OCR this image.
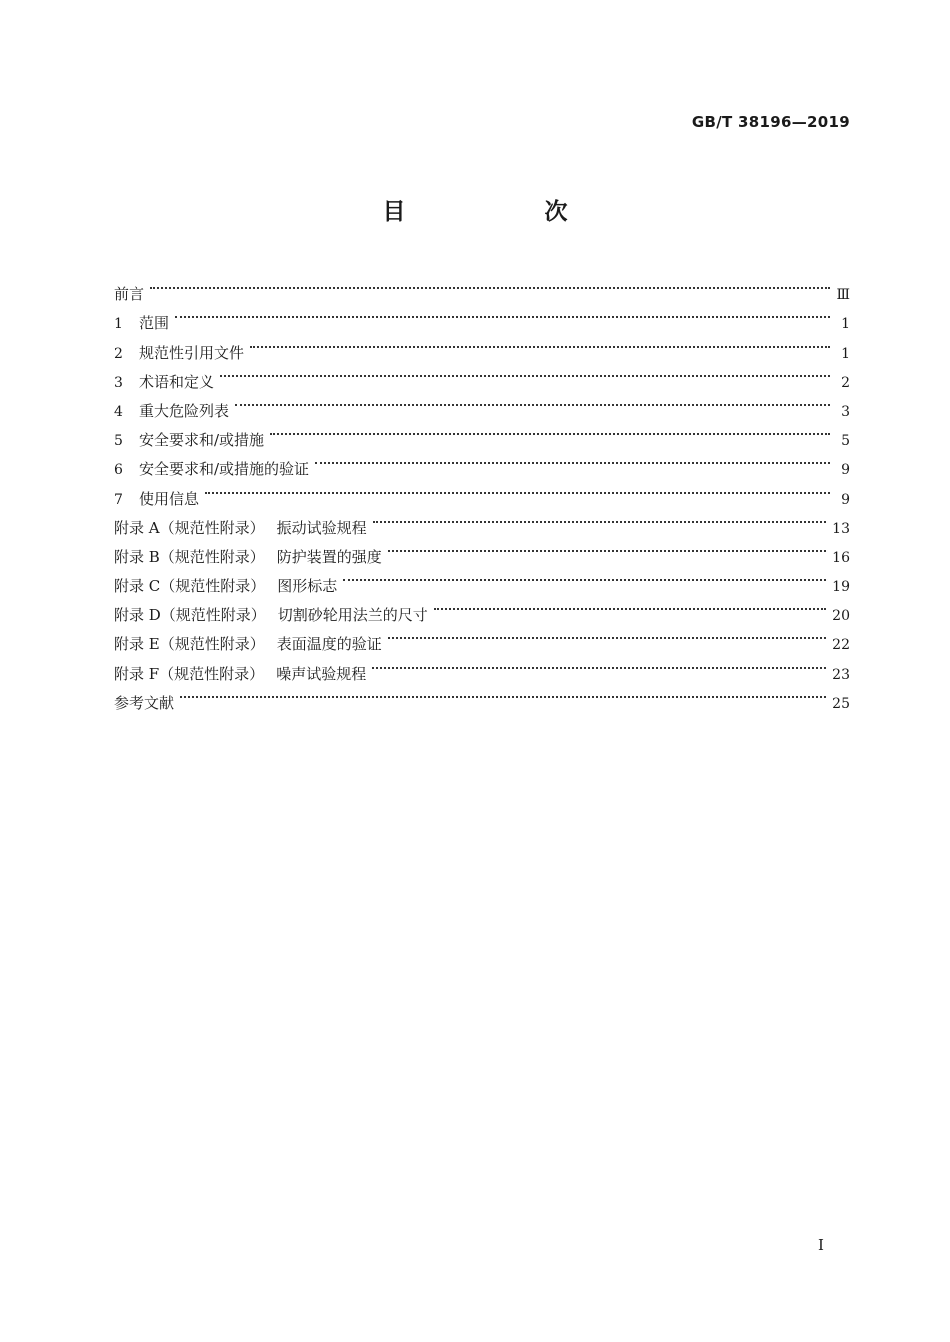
GB/T 38196—2019
目　次
前言	Ⅲ
1	范围	1
2	规范性引用文件	1
3	术语和定义	2
4	重大危险列表	3
5	安全要求和/或措施	5
6	安全要求和/或措施的验证	9
7	使用信息	9
附录 A（规范性附录） 振动试验规程	13
附录 B（规范性附录） 防护装置的强度	16
附录 C（规范性附录） 图形标志	19
附录 D（规范性附录） 切割砂轮用法兰的尺寸	20
附录 E（规范性附录） 表面温度的验证	22
附录 F（规范性附录） 噪声试验规程	23
参考文献	25
I
